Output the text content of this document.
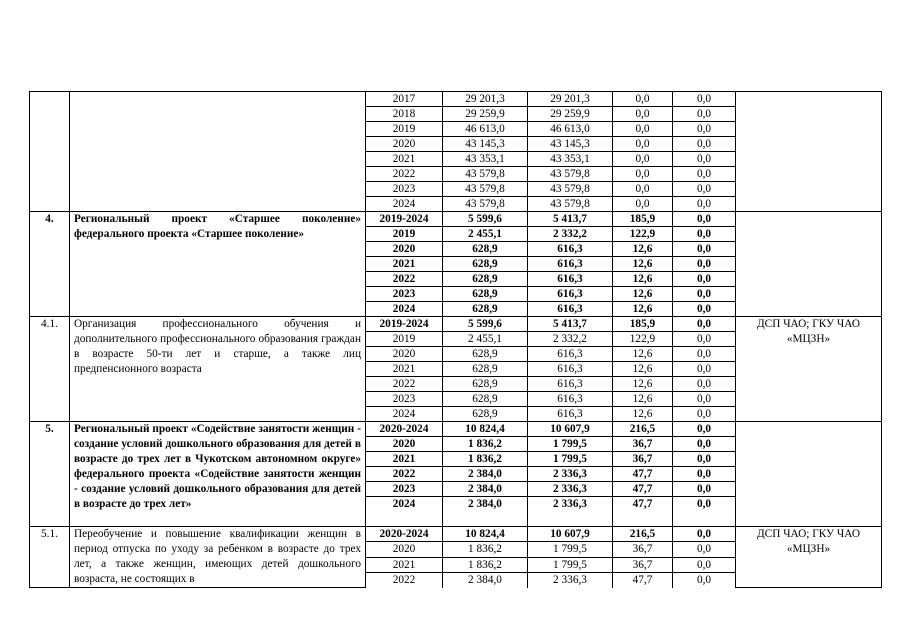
		2017	29 201,3	29 201,3	0,0	0,0	
		2018	29 259,9	29 259,9	0,0	0,0	
		2019	46 613,0	46 613,0	0,0	0,0	
		2020	43 145,3	43 145,3	0,0	0,0	
		2021	43 353,1	43 353,1	0,0	0,0	
		2022	43 579,8	43 579,8	0,0	0,0	
		2023	43 579,8	43 579,8	0,0	0,0	
		2024	43 579,8	43 579,8	0,0	0,0	
4.	Региональный проект «Старшее поколение» федерального проекта «Старшее поколение»	2019-2024	5 599,6	5 413,7	185,9	0,0	
		2019	2 455,1	2 332,2	122,9	0,0	
		2020	628,9	616,3	12,6	0,0	
		2021	628,9	616,3	12,6	0,0	
		2022	628,9	616,3	12,6	0,0	
		2023	628,9	616,3	12,6	0,0	
		2024	628,9	616,3	12,6	0,0	
4.1.	Организация профессионального обучения и дополнительного профессионального образования граждан в возрасте 50-ти лет и старше, а также лиц предпенсионного возраста	2019-2024	5 599,6	5 413,7	185,9	0,0	ДСП ЧАО; ГКУ ЧАО «МЦЗН»
		2019	2 455,1	2 332,2	122,9	0,0	
		2020	628,9	616,3	12,6	0,0	
		2021	628,9	616,3	12,6	0,0	
		2022	628,9	616,3	12,6	0,0	
		2023	628,9	616,3	12,6	0,0	
		2024	628,9	616,3	12,6	0,0	
5.	Региональный проект «Содействие занятости женщин - создание условий дошкольного образования для детей в возрасте до трех лет в Чукотском автономном округе» федерального проекта «Содействие занятости женщин - создание условий дошкольного образования для детей в возрасте до трех лет»	2020-2024	10 824,4	10 607,9	216,5	0,0	
		2020	1 836,2	1 799,5	36,7	0,0	
		2021	1 836,2	1 799,5	36,7	0,0	
		2022	2 384,0	2 336,3	47,7	0,0	
		2023	2 384,0	2 336,3	47,7	0,0	
		2024	2 384,0	2 336,3	47,7	0,0	
5.1.	Переобучение и повышение квалификации женщин в период отпуска по уходу за ребенком в возрасте до трех лет, а также женщин, имеющих детей дошкольного возраста, не состоящих в	2020-2024	10 824,4	10 607,9	216,5	0,0	ДСП ЧАО; ГКУ ЧАО «МЦЗН»
		2020	1 836,2	1 799,5	36,7	0,0	
		2021	1 836,2	1 799,5	36,7	0,0	
		2022	2 384,0	2 336,3	47,7	0,0	
